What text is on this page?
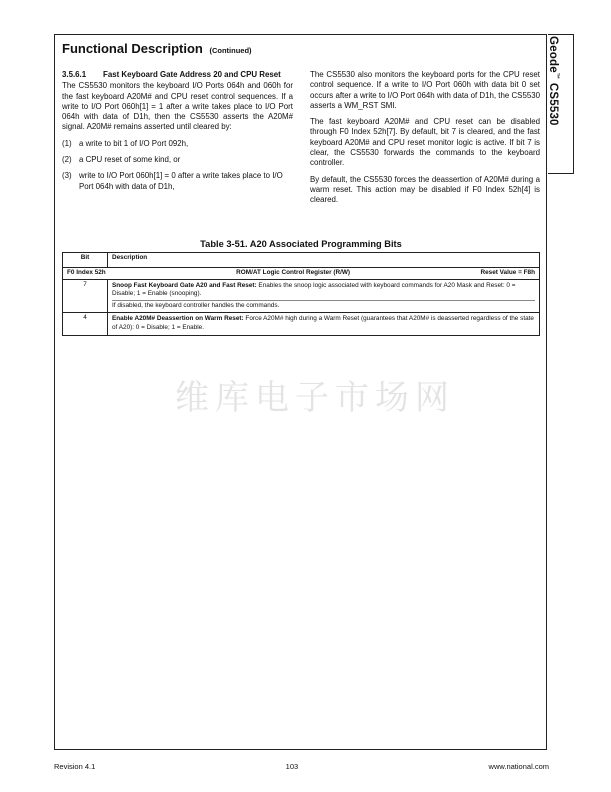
Geode™ CS5530
Functional Description (Continued)
3.5.6.1	Fast Keyboard Gate Address 20 and CPU Reset

The CS5530 monitors the keyboard I/O Ports 064h and 060h for the fast keyboard A20M# and CPU reset control sequences. If a write to I/O Port 060h[1] = 1 after a write takes place to I/O Port 064h with data of D1h, then the CS5530 asserts the A20M# signal. A20M# remains asserted until cleared by:

(1) a write to bit 1 of I/O Port 092h,
(2) a CPU reset of some kind, or
(3) write to I/O Port 060h[1] = 0 after a write takes place to I/O Port 064h with data of D1h,

The CS5530 also monitors the keyboard ports for the CPU reset control sequence. If a write to I/O Port 060h with data bit 0 set occurs after a write to I/O Port 064h with data of D1h, the CS5530 asserts a WM_RST SMI.

The fast keyboard A20M# and CPU reset can be disabled through F0 Index 52h[7]. By default, bit 7 is cleared, and the fast keyboard A20M# and CPU reset monitor logic is active. If bit 7 is clear, the CS5530 forwards the commands to the keyboard controller.

By default, the CS5530 forces the deassertion of A20M# during a warm reset. This action may be disabled if F0 Index 52h[4] is cleared.

Table 3-51. A20 Associated Programming Bits
Bit	Description

F0 Index 52h ROM/AT Logic Control Register (R/W) Reset Value = F8h	

7	Snoop Fast Keyboard Gate A20 and Fast Reset: Enables the snoop logic associated with keyboard commands for A20 Mask and Reset: 0 = Disable; 1 = Enable (snooping).
If disabled, the keyboard controller handles the commands.

4	Enable A20M# Deassertion on Warm Reset: Force A20M# high during a Warm Reset (guarantees that A20M# is deasserted regardless of the state of A20): 0 = Disable; 1 = Enable.
维库电子市场网
Revision 4.1	103	www.national.com
